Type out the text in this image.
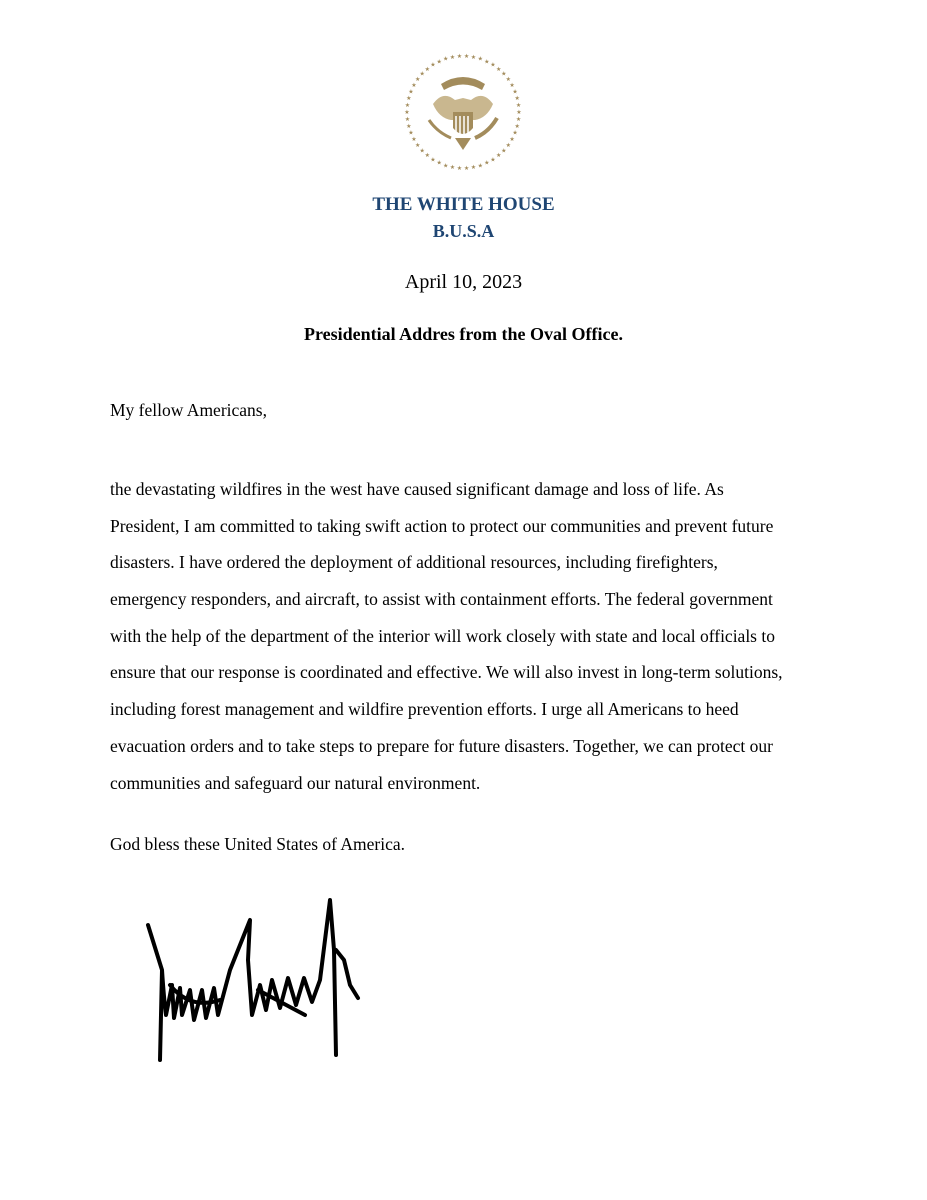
★
★
★
★
★
★
★
★
★
★
★
★
★
★
★
★
★
★
★
★
★
★
★
★
★
★
★
★
★
★
★
★
★
★
★ ★ ★ ★ ★ ★ ★ ★
★
★
★
★
★
★
★
★
THE WHITE HOUSE
B.U.S.A
April 10, 2023
Presidential Addres from the Oval Office.
My fellow Americans,
the devastating wildfires in the west have caused significant damage and loss of life. As
President, I am committed to taking swift action to protect our communities and prevent future
disasters. I have ordered the deployment of additional resources, including firefighters,
emergency responders, and aircraft, to assist with containment efforts. The federal government
with the help of the department of the interior will work closely with state and local officials to
ensure that our response is coordinated and effective. We will also invest in long-term solutions,
including forest management and wildfire prevention efforts. I urge all Americans to heed
evacuation orders and to take steps to prepare for future disasters. Together, we can protect our
communities and safeguard our natural environment.
God bless these United States of America.
